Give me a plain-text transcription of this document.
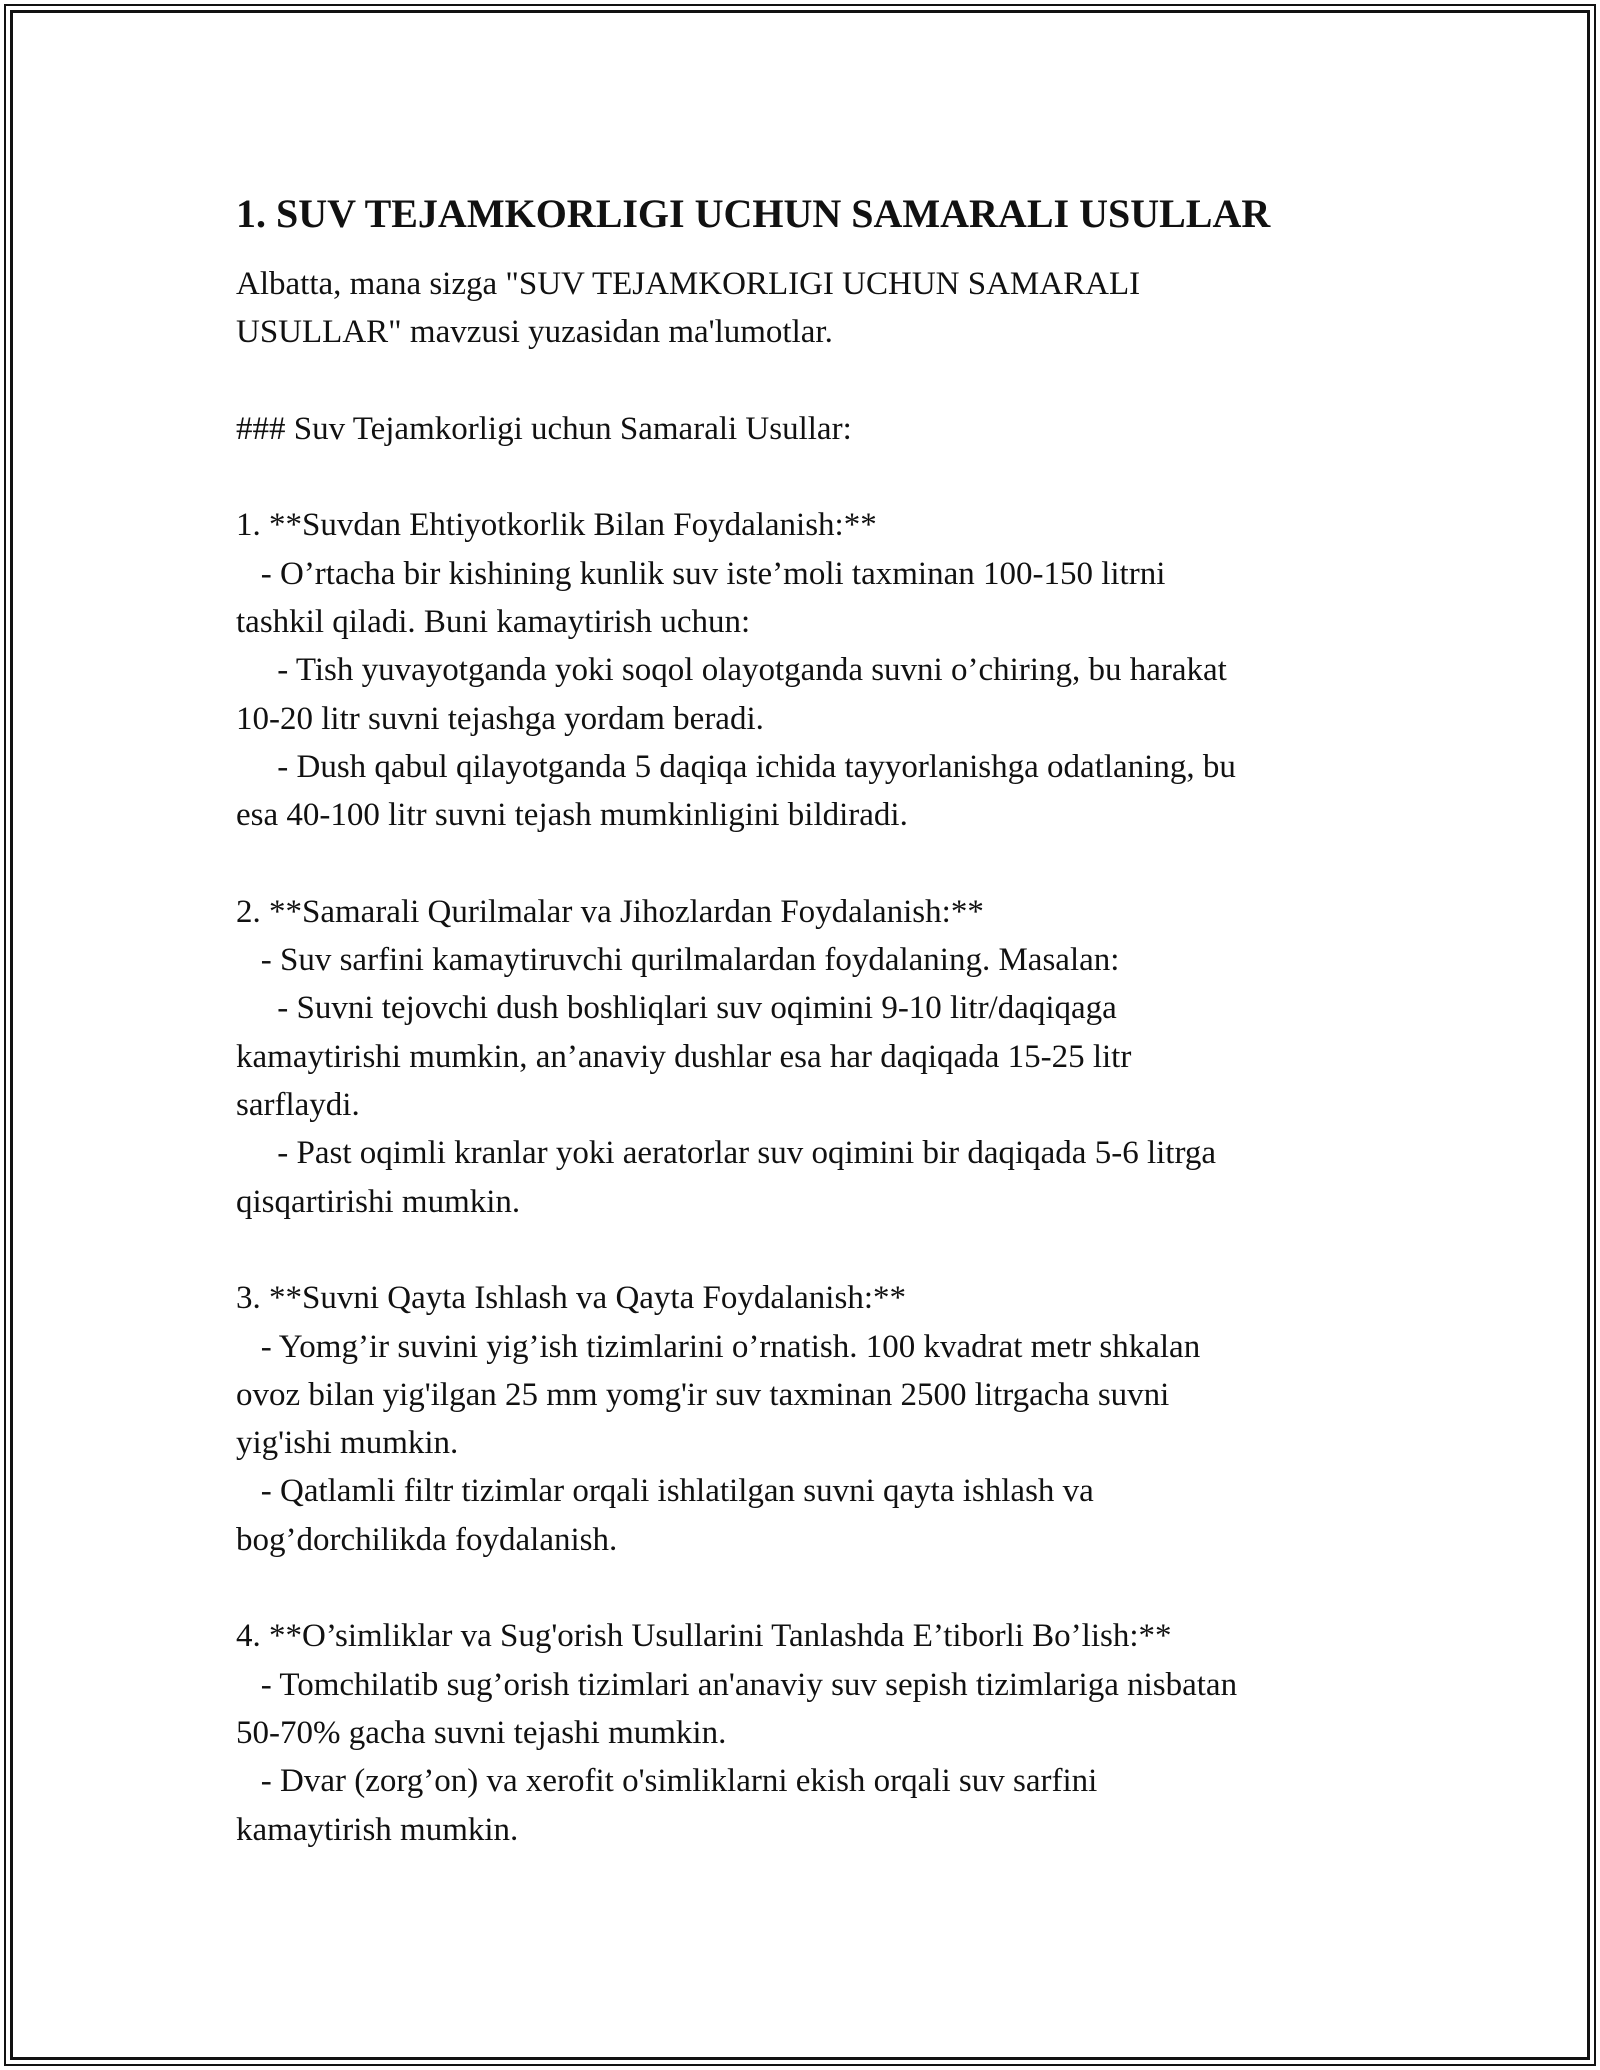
1. SUV TEJAMKORLIGI UCHUN SAMARALI USULLAR
Albatta, mana sizga "SUV TEJAMKORLIGI UCHUN SAMARALI
USULLAR" mavzusi yuzasidan ma'lumotlar.
### Suv Tejamkorligi uchun Samarali Usullar:
1. **Suvdan Ehtiyotkorlik Bilan Foydalanish:**
- O’rtacha bir kishining kunlik suv iste’moli taxminan 100-150 litrni
tashkil qiladi. Buni kamaytirish uchun:
- Tish yuvayotganda yoki soqol olayotganda suvni o’chiring, bu harakat
10-20 litr suvni tejashga yordam beradi.
- Dush qabul qilayotganda 5 daqiqa ichida tayyorlanishga odatlaning, bu
esa 40-100 litr suvni tejash mumkinligini bildiradi.
2. **Samarali Qurilmalar va Jihozlardan Foydalanish:**
- Suv sarfini kamaytiruvchi qurilmalardan foydalaning. Masalan:
- Suvni tejovchi dush boshliqlari suv oqimini 9-10 litr/daqiqaga
kamaytirishi mumkin, an’anaviy dushlar esa har daqiqada 15-25 litr
sarflaydi.
- Past oqimli kranlar yoki aeratorlar suv oqimini bir daqiqada 5-6 litrga
qisqartirishi mumkin.
3. **Suvni Qayta Ishlash va Qayta Foydalanish:**
- Yomg’ir suvini yig’ish tizimlarini o’rnatish. 100 kvadrat metr shkalan
ovoz bilan yig'ilgan 25 mm yomg'ir suv taxminan 2500 litrgacha suvni
yig'ishi mumkin.
- Qatlamli filtr tizimlar orqali ishlatilgan suvni qayta ishlash va
bog’dorchilikda foydalanish.
4. **O’simliklar va Sug'orish Usullarini Tanlashda E’tiborli Bo’lish:**
- Tomchilatib sug’orish tizimlari an'anaviy suv sepish tizimlariga nisbatan
50-70% gacha suvni tejashi mumkin.
- Dvar (zorg’on) va xerofit o'simliklarni ekish orqali suv sarfini
kamaytirish mumkin.
